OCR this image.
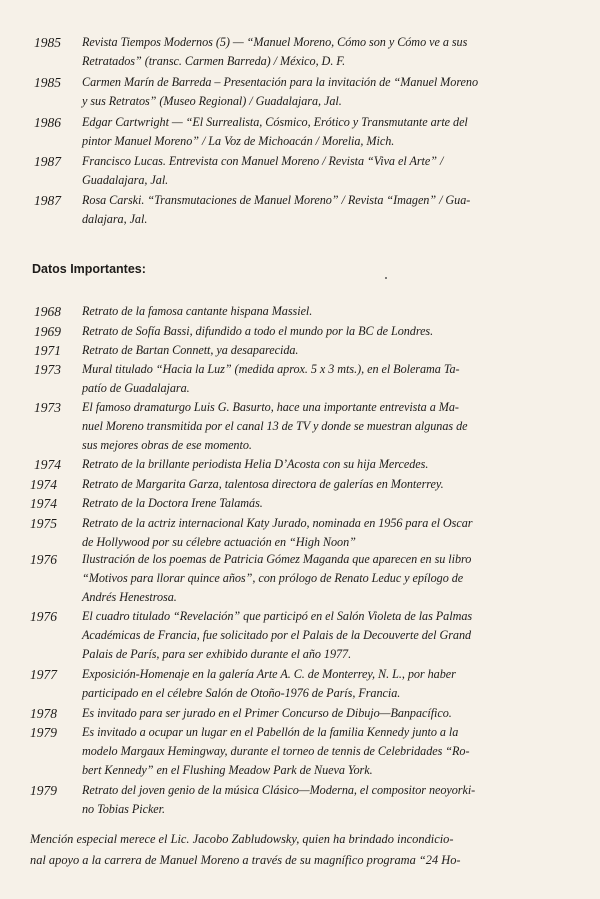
1985 Revista Tiempos Modernos (5) — “Manuel Moreno, Cómo son y Cómo ve a sus
Retratados” (transc. Carmen Barreda) / México, D. F.
1985 Carmen Marín de Barreda – Presentación para la invitación de “Manuel Moreno
y sus Retratos” (Museo Regional) / Guadalajara, Jal.
1986 Edgar Cartwright — “El Surrealista, Cósmico, Erótico y Transmutante arte del
pintor Manuel Moreno” / La Voz de Michoacán / Morelia, Mich.
1987 Francisco Lucas. Entrevista con Manuel Moreno / Revista “Viva el Arte” /
Guadalajara, Jal.
1987 Rosa Carski. “Transmutaciones de Manuel Moreno” / Revista “Imagen” / Gua-
dalajara, Jal.
Datos Importantes:
1968 Retrato de la famosa cantante hispana Massiel.
1969 Retrato de Sofía Bassi, difundido a todo el mundo por la BC de Londres.
1971 Retrato de Bartan Connett, ya desaparecida.
1973 Mural titulado “Hacia la Luz” (medida aprox. 5 x 3 mts.), en el Bolerama Ta-
patío de Guadalajara.
1973 El famoso dramaturgo Luis G. Basurto, hace una importante entrevista a Ma-
nuel Moreno transmitida por el canal 13 de TV y donde se muestran algunas de
sus mejores obras de ese momento.
1974 Retrato de la brillante periodista Helia D’Acosta con su hija Mercedes.
1974 Retrato de Margarita Garza, talentosa directora de galerías en Monterrey.
1974 Retrato de la Doctora Irene Talamás.
1975 Retrato de la actriz internacional Katy Jurado, nominada en 1956 para el Oscar
de Hollywood por su célebre actuación en “High Noon”
1976 Ilustración de los poemas de Patricia Gómez Maganda que aparecen en su libro
“Motivos para llorar quince años”, con prólogo de Renato Leduc y epílogo de
Andrés Henestrosa.
1976 El cuadro titulado “Revelación” que participó en el Salón Violeta de las Palmas
Académicas de Francia, fue solicitado por el Palais de la Decouverte del Grand
Palais de París, para ser exhibido durante el año 1977.
1977 Exposición-Homenaje en la galería Arte A. C. de Monterrey, N. L., por haber
participado en el célebre Salón de Otoño-1976 de París, Francia.
1978 Es invitado para ser jurado en el Primer Concurso de Dibujo—Banpacífico.
1979 Es invitado a ocupar un lugar en el Pabellón de la familia Kennedy junto a la
modelo Margaux Hemingway, durante el torneo de tennis de Celebridades “Ro-
bert Kennedy” en el Flushing Meadow Park de Nueva York.
1979 Retrato del joven genio de la música Clásico—Moderna, el compositor neoyorki-
no Tobias Picker.
Mención especial merece el Lic. Jacobo Zabludowsky, quien ha brindado incondicio-
nal apoyo a la carrera de Manuel Moreno a través de su magnífico programa “24 Ho-
